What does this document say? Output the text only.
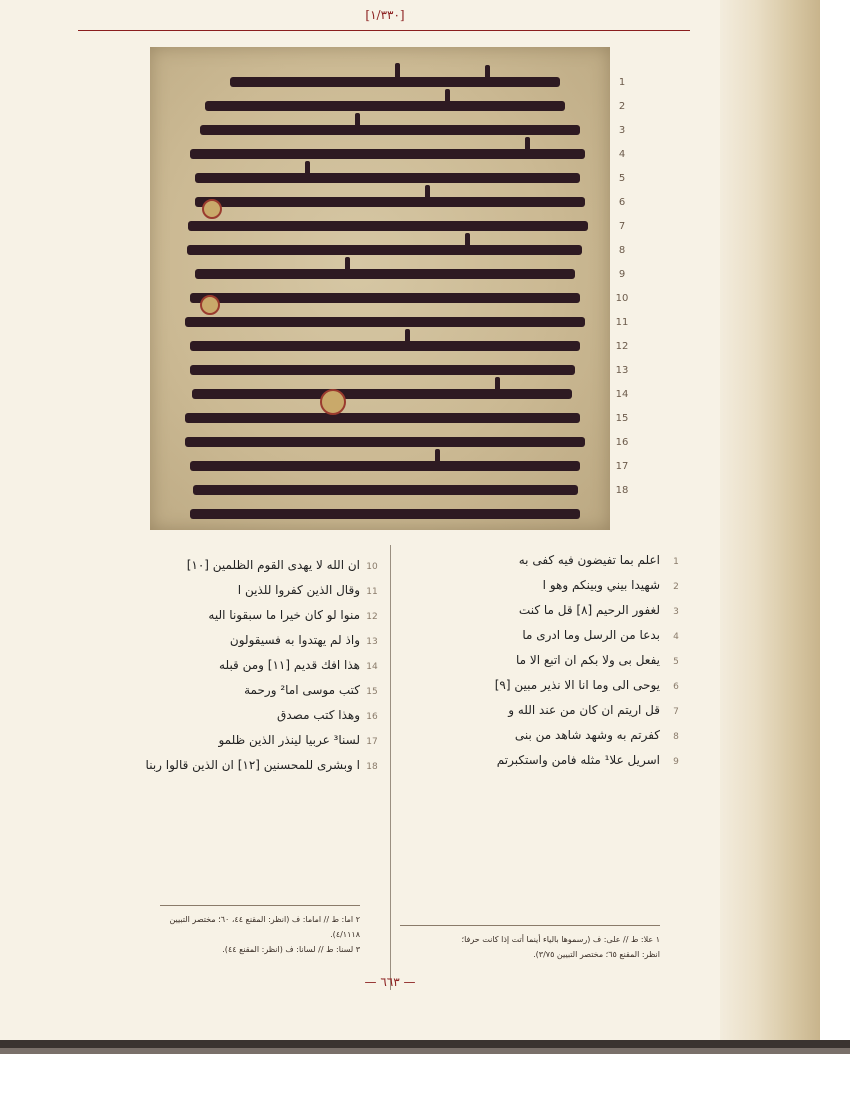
[١/٣٣٠]
1
2
3
4
5
6
7
8
9
10
11
12
13
14
15
16
17
18
1
اعلم بما تفيضون فيه كفى به
2
شهيدا بيني وبينكم وهو ا
3
لغفور الرحيم [٨] قل ما كنت
4
بدعا من الرسل وما ادرى ما
5
يفعل بى ولا بكم ان اتبع الا ما
6
يوحى الى وما انا الا نذير مبين [٩]
7
قل اريتم ان كان من عند الله و
8
كفرتم به وشهد شاهد من بنى
9
اسريل علا¹ مثله فامن واستكبرتم
10
ان الله لا يهدى القوم الظلمين [١٠]
11
وقال الذين كفروا للذين ا
12
منوا لو كان خيرا ما سبقونا اليه
13
واذ لم يهتدوا به فسيقولون
14
هذا افك قديم [١١] ومن قبله
15
كتب موسى اما² ورحمة
16
وهذا كتب مصدق
17
لسنا³ عربيا لينذر الذين ظلمو
18
ا وبشرى للمحسنين [١٢] ان الذين قالوا ربنا
١ علا: ط // على: ف (رسموها بالياء أينما أتت إذا كانت حرفا؛
انظر: المقنع ٦٥؛ مختصر التبيين ٣/٧٥).
٢ اما: ط // اماما: ف (انظر: المقنع ٤٤، ٦٠؛ مختصر التبيين
٤/١١١٨).
٣ لسنا: ط // لسانا: ف (انظر: المقنع ٤٤).
— ٦٦٣ —
